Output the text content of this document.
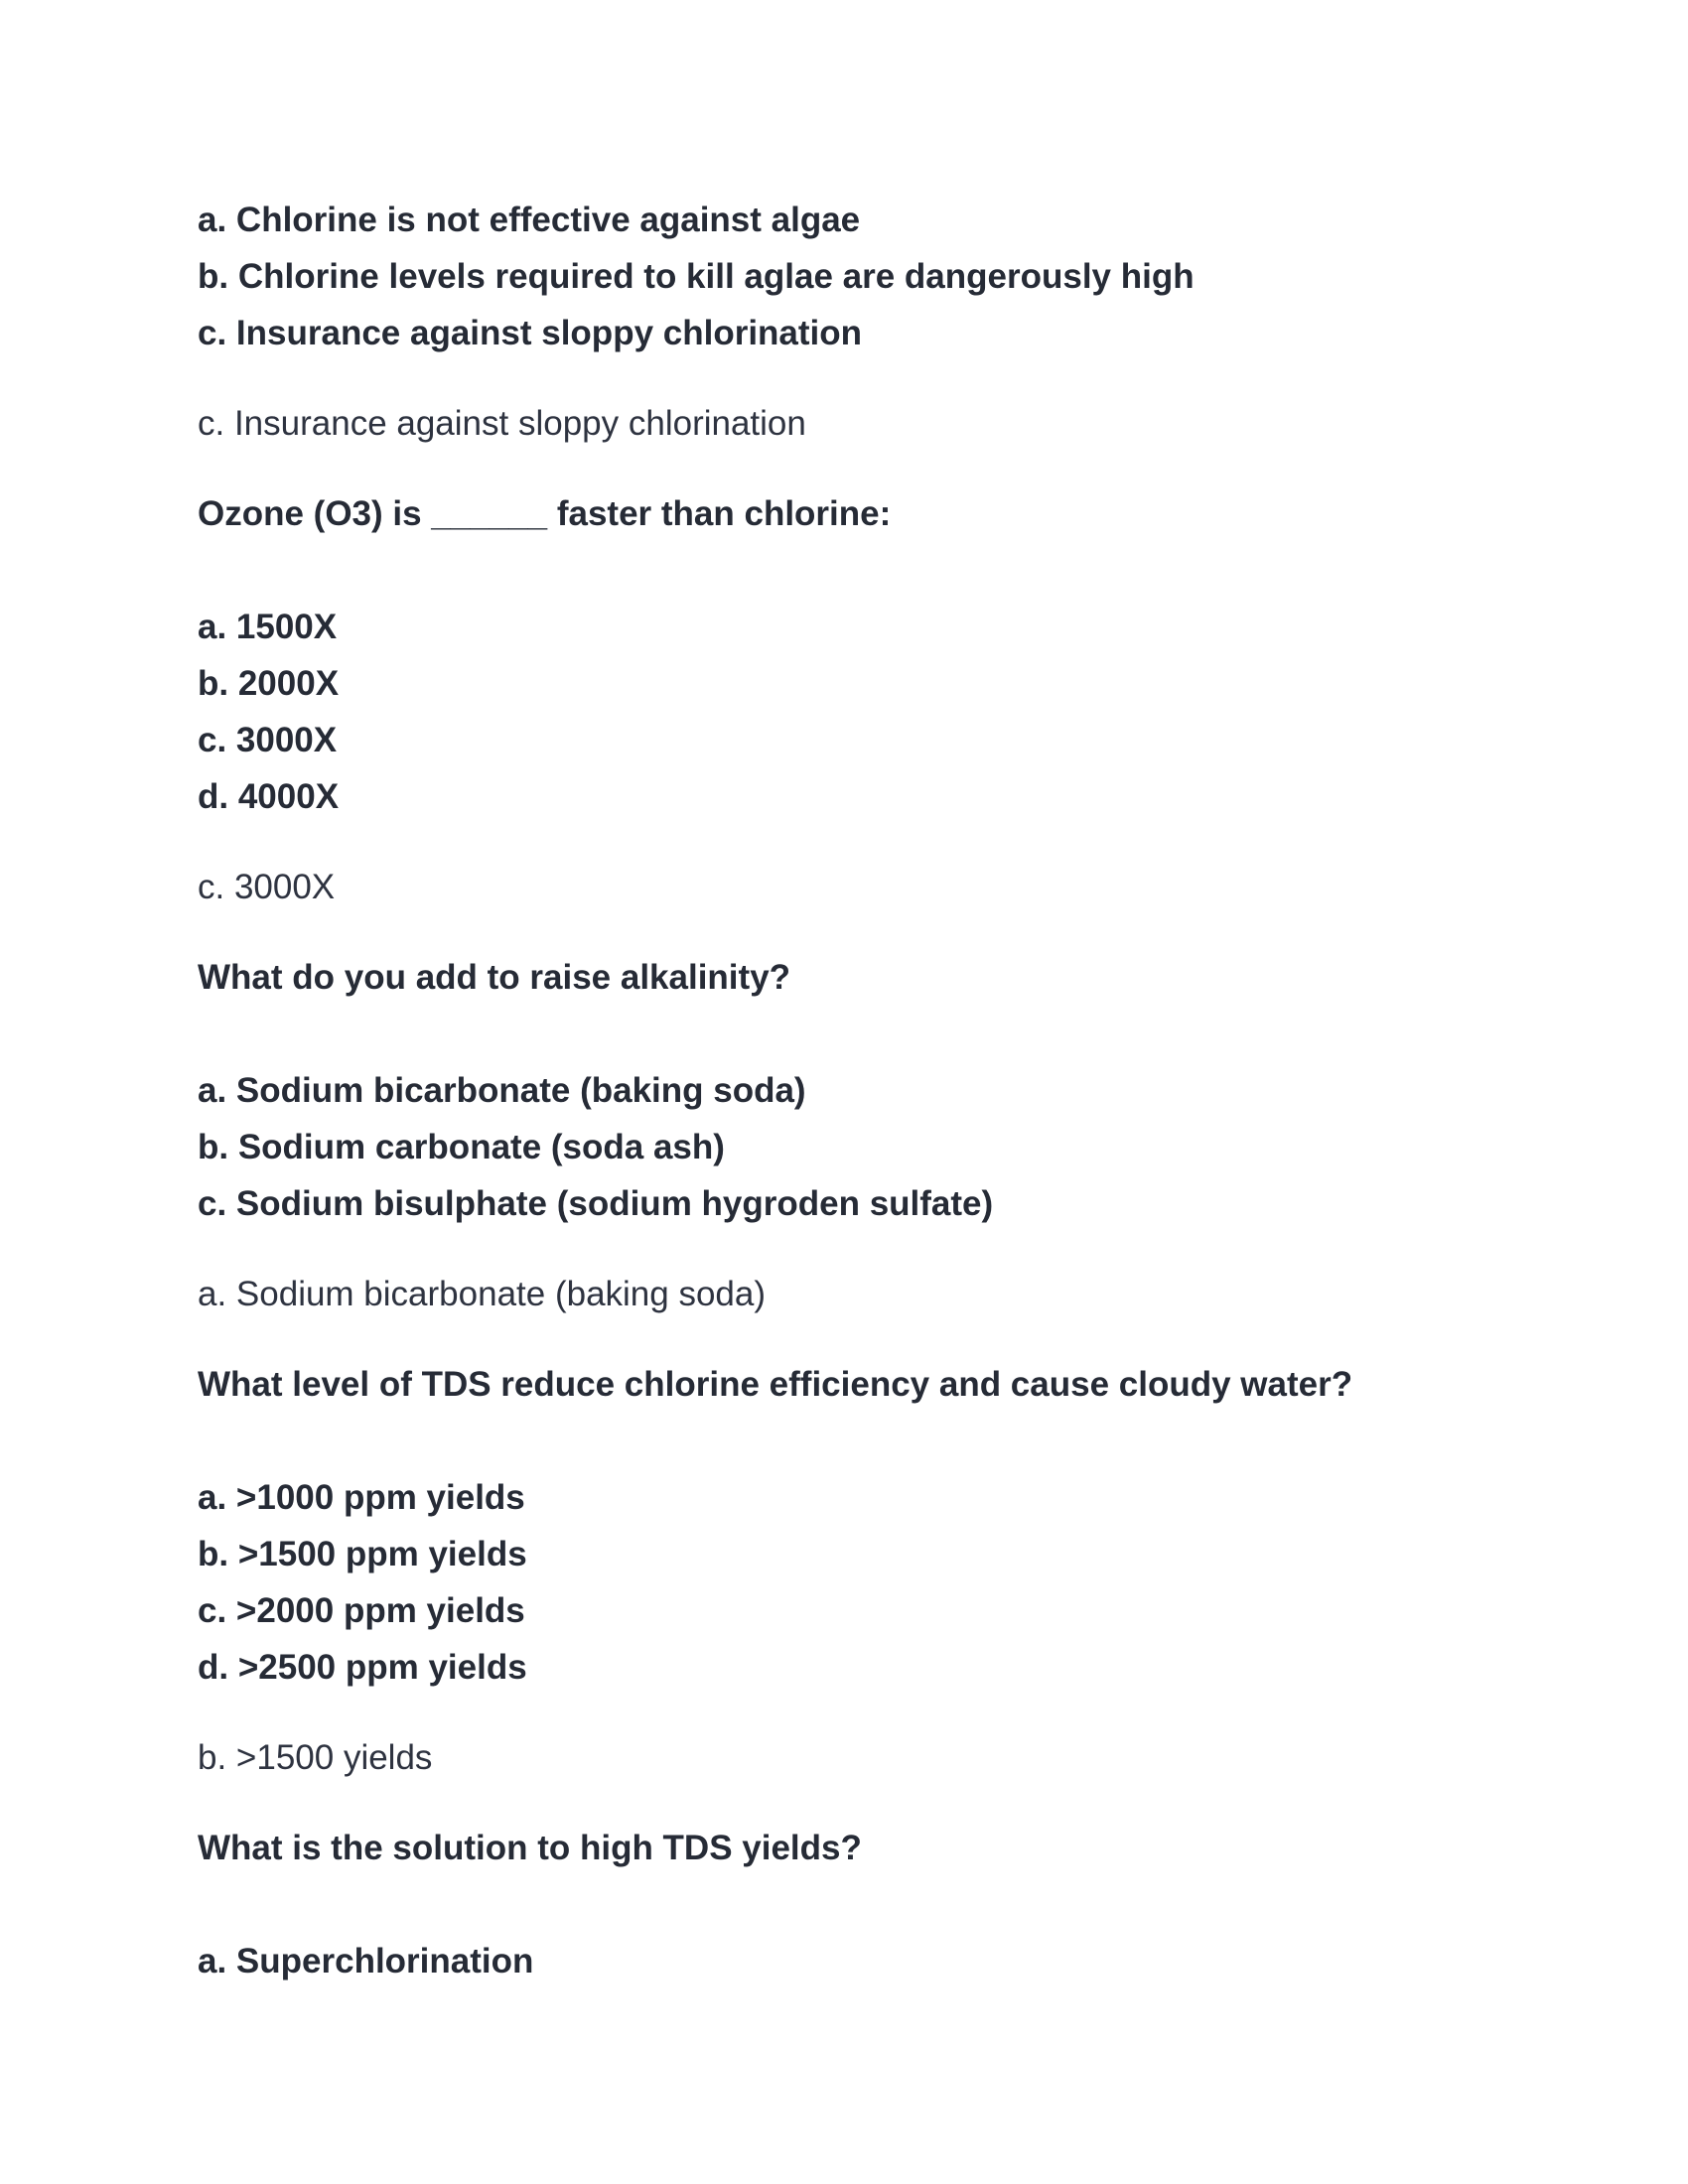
a. Chlorine is not effective against algae
b. Chlorine levels required to kill aglae are dangerously high
c. Insurance against sloppy chlorination
c. Insurance against sloppy chlorination
Ozone (O3) is ______ faster than chlorine:
a. 1500X
b. 2000X
c. 3000X
d. 4000X
c. 3000X
What do you add to raise alkalinity?
a. Sodium bicarbonate (baking soda)
b. Sodium carbonate (soda ash)
c. Sodium bisulphate (sodium hygroden sulfate)
a. Sodium bicarbonate (baking soda)
What level of TDS reduce chlorine efficiency and cause cloudy water?
a. >1000 ppm yields
b. >1500 ppm yields
c. >2000 ppm yields
d. >2500 ppm yields
b. >1500 yields
What is the solution to high TDS yields?
a. Superchlorination
